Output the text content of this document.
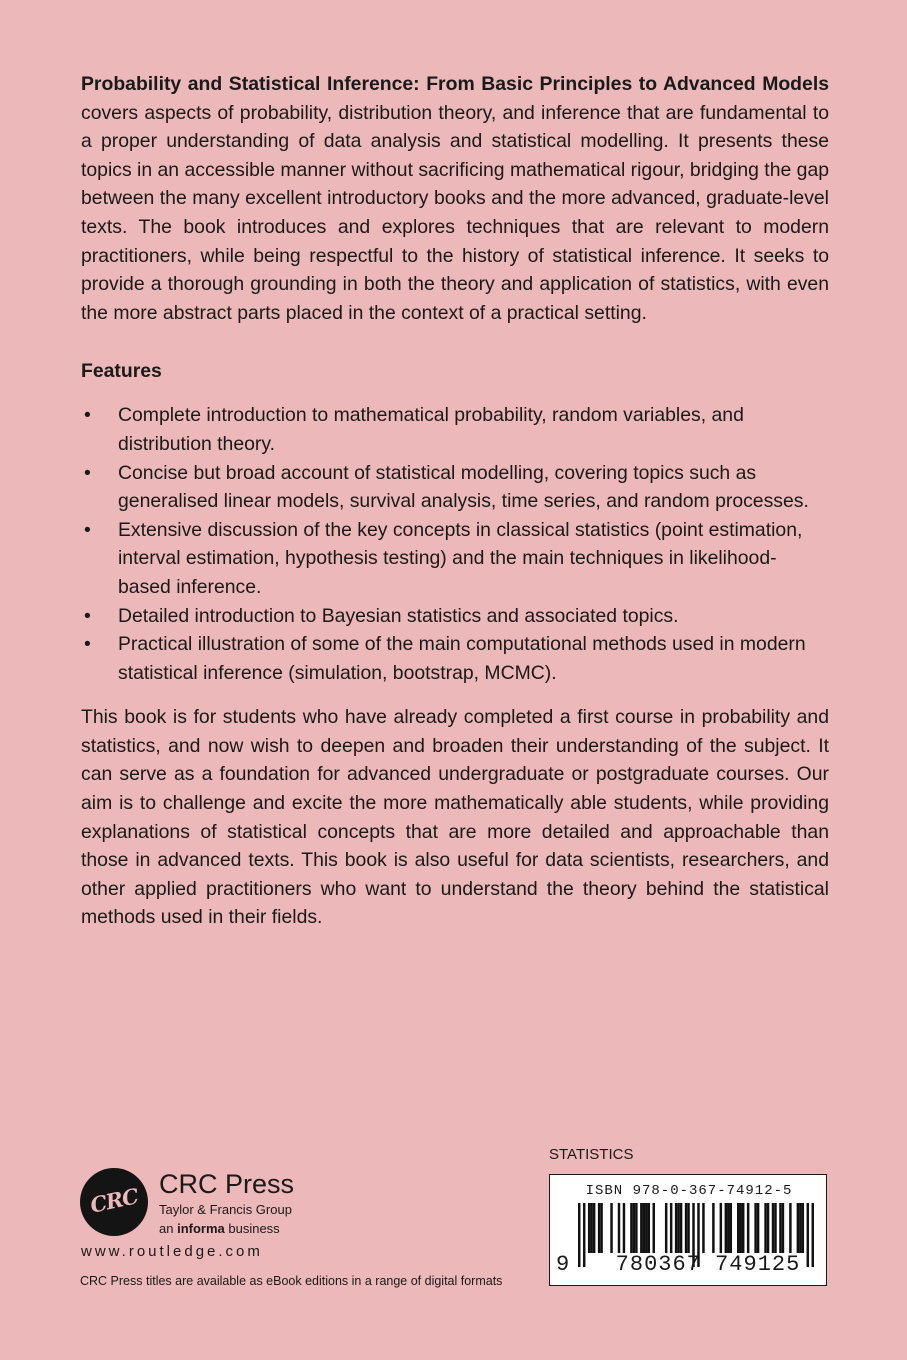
Probability and Statistical Inference: From Basic Principles to Advanced Models covers aspects of probability, distribution theory, and inference that are fundamental to a proper understanding of data analysis and statistical modelling. It presents these topics in an accessible manner without sacrificing mathematical rigour, bridging the gap between the many excellent introductory books and the more advanced, graduate-level texts. The book introduces and explores techniques that are relevant to modern practitioners, while being respectful to the history of statistical inference. It seeks to provide a thorough grounding in both the theory and application of statistics, with even the more abstract parts placed in the context of a practical setting.

Features
• Complete introduction to mathematical probability, random variables, and distribution theory.
• Concise but broad account of statistical modelling, covering topics such as generalised linear models, survival analysis, time series, and random processes.
• Extensive discussion of the key concepts in classical statistics (point estimation, interval estimation, hypothesis testing) and the main techniques in likelihood-based inference.
• Detailed introduction to Bayesian statistics and associated topics.
• Practical illustration of some of the main computational methods used in modern statistical inference (simulation, bootstrap, MCMC).

This book is for students who have already completed a first course in probability and statistics, and now wish to deepen and broaden their understanding of the subject. It can serve as a foundation for advanced undergraduate or postgraduate courses. Our aim is to challenge and excite the more mathematically able students, while providing explanations of statistical concepts that are more detailed and approachable than those in advanced texts. This book is also useful for data scientists, researchers, and other applied practitioners who want to understand the theory behind the statistical methods used in their fields.

CRC CRC Press
Taylor & Francis Group
an informa business
www.routledge.com
CRC Press titles are available as eBook editions in a range of digital formats
STATISTICS
ISBN 978-0-367-74912-5
9	780367 749125
